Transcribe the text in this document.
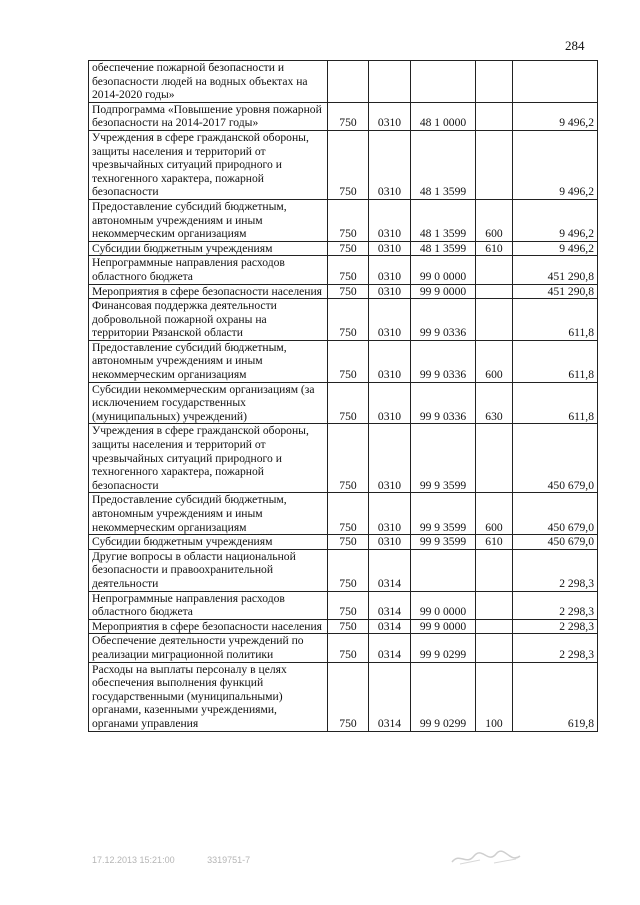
284
обеспечение пожарной безопасности и безопасности людей на водных объектах на 2014-2020 годы»					
Подпрограмма «Повышение уровня пожарной безопасности на 2014-2017 годы»	750	0310	48 1 0000		9 496,2
Учреждения в сфере гражданской обороны, защиты населения и территорий от чрезвычайных ситуаций природного и техногенного характера, пожарной безопасности	750	0310	48 1 3599		9 496,2
Предоставление субсидий бюджетным, автономным учреждениям и иным некоммерческим организациям	750	0310	48 1 3599	600	9 496,2
Субсидии бюджетным учреждениям	750	0310	48 1 3599	610	9 496,2
Непрограммные направления расходов областного бюджета	750	0310	99 0 0000		451 290,8
Мероприятия в сфере безопасности населения	750	0310	99 9 0000		451 290,8
Финансовая поддержка деятельности добровольной пожарной охраны на территории Рязанской области	750	0310	99 9 0336		611,8
Предоставление субсидий бюджетным, автономным учреждениям и иным некоммерческим организациям	750	0310	99 9 0336	600	611,8
Субсидии некоммерческим организациям (за исключением государственных (муниципальных) учреждений)	750	0310	99 9 0336	630	611,8
Учреждения в сфере гражданской обороны, защиты населения и территорий от чрезвычайных ситуаций природного и техногенного характера, пожарной безопасности	750	0310	99 9 3599		450 679,0
Предоставление субсидий бюджетным, автономным учреждениям и иным некоммерческим организациям	750	0310	99 9 3599	600	450 679,0
Субсидии бюджетным учреждениям	750	0310	99 9 3599	610	450 679,0
Другие вопросы в области национальной безопасности и правоохранительной деятельности	750	0314			2 298,3
Непрограммные направления расходов областного бюджета	750	0314	99 0 0000		2 298,3
Мероприятия в сфере безопасности населения	750	0314	99 9 0000		2 298,3
Обеспечение деятельности учреждений по реализации миграционной политики	750	0314	99 9 0299		2 298,3
Расходы на выплаты персоналу в целях обеспечения выполнения функций государственными (муниципальными) органами, казенными учреждениями, органами управления	750	0314	99 9 0299	100	619,8
17.12.2013 15:21:00	3319751-7
